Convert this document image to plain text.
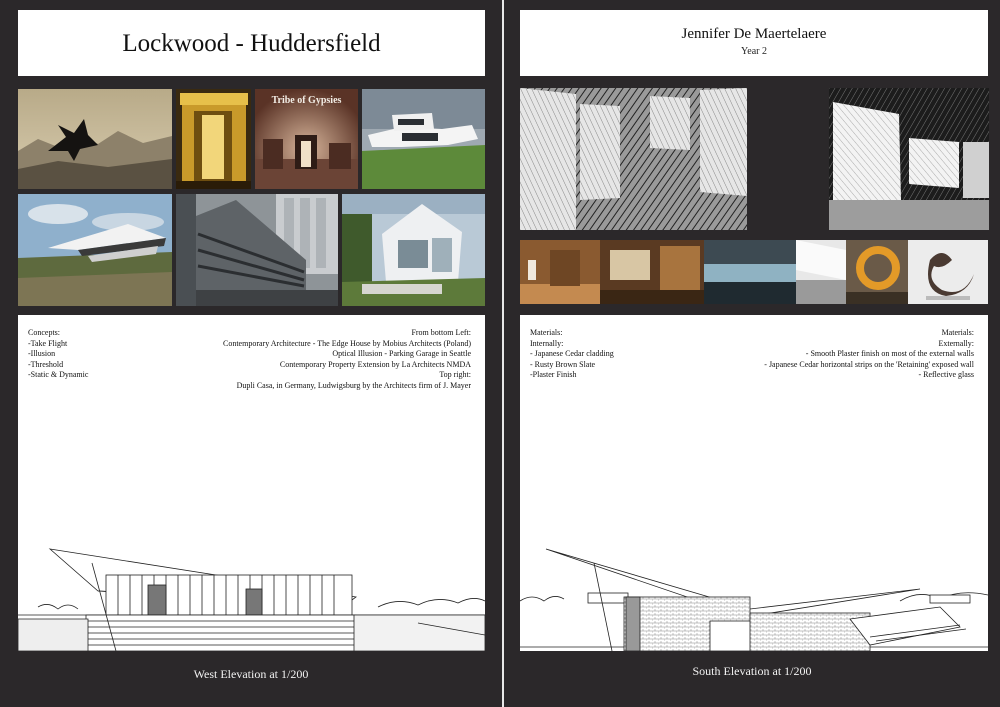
Lockwood - Huddersfield
Tribe of Gypsies
Concepts:
-Take Flight
-Illusion
-Threshold
-Static & Dynamic
From bottom Left:
Contemporary Architecture - The Edge House by Mobius Architects (Poland)
Optical Illusion - Parking Garage in Seattle
Contemporary Property Extension by La Architects NMDA
Top right:
Dupli Casa, in Germany, Ludwigsburg by the Architects firm of J. Mayer
West Elevation at 1/200
Jennifer De Maertelaere
Year 2
Materials:
Internally:
- Japanese Cedar cladding
- Rusty Brown Slate
-Plaster Finish
Materials:
Externally:
- Smooth Plaster finish on most of the external walls
- Japanese Cedar horizontal strips on the 'Retaining' exposed wall
- Reflective glass
South Elevation at 1/200
